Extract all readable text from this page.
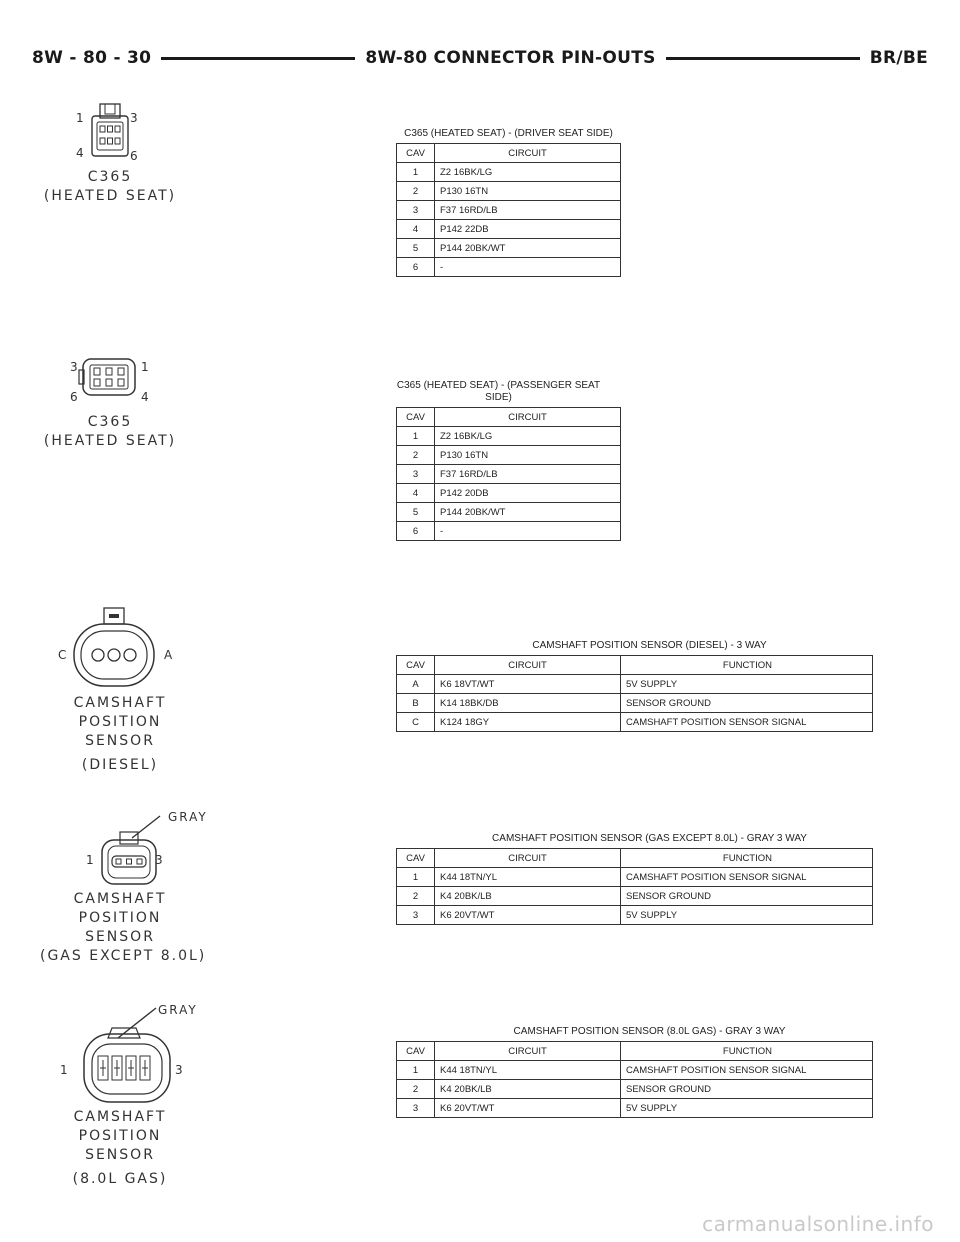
8W - 80 - 30	8W-80 CONNECTOR PIN-OUTS	BR/BE
1	3
4	6
C365
(HEATED SEAT)
C365 (HEATED SEAT) - (DRIVER SEAT SIDE)
CAV	CIRCUIT
1	Z2 16BK/LG
2	P130 16TN
3	F37 16RD/LB
4	P142 22DB
5	P144 20BK/WT
6	-
3	1
6	4
C365
(HEATED SEAT)
C365 (HEATED SEAT) - (PASSENGER SEAT SIDE)
CAV	CIRCUIT
1	Z2 16BK/LG
2	P130 16TN
3	F37 16RD/LB
4	P142 20DB
5	P144 20BK/WT
6	-
C	A
CAMSHAFT
POSITION
SENSOR
(DIESEL)
CAMSHAFT POSITION SENSOR (DIESEL) - 3 WAY
CAV	CIRCUIT	FUNCTION
A	K6 18VT/WT	5V SUPPLY
B	K14 18BK/DB	SENSOR GROUND
C	K124 18GY	CAMSHAFT POSITION SENSOR SIGNAL
GRAY
1	3
CAMSHAFT
POSITION
SENSOR
(GAS EXCEPT 8.0L)
CAMSHAFT POSITION SENSOR (GAS EXCEPT 8.0L) - GRAY 3 WAY
CAV	CIRCUIT	FUNCTION
1	K44 18TN/YL	CAMSHAFT POSITION SENSOR SIGNAL
2	K4 20BK/LB	SENSOR GROUND
3	K6 20VT/WT	5V SUPPLY
GRAY
1	3
CAMSHAFT
POSITION
SENSOR
(8.0L GAS)
CAMSHAFT POSITION SENSOR (8.0L GAS) - GRAY 3 WAY
CAV	CIRCUIT	FUNCTION
1	K44 18TN/YL	CAMSHAFT POSITION SENSOR SIGNAL
2	K4 20BK/LB	SENSOR GROUND
3	K6 20VT/WT	5V SUPPLY
carmanualsonline.info
